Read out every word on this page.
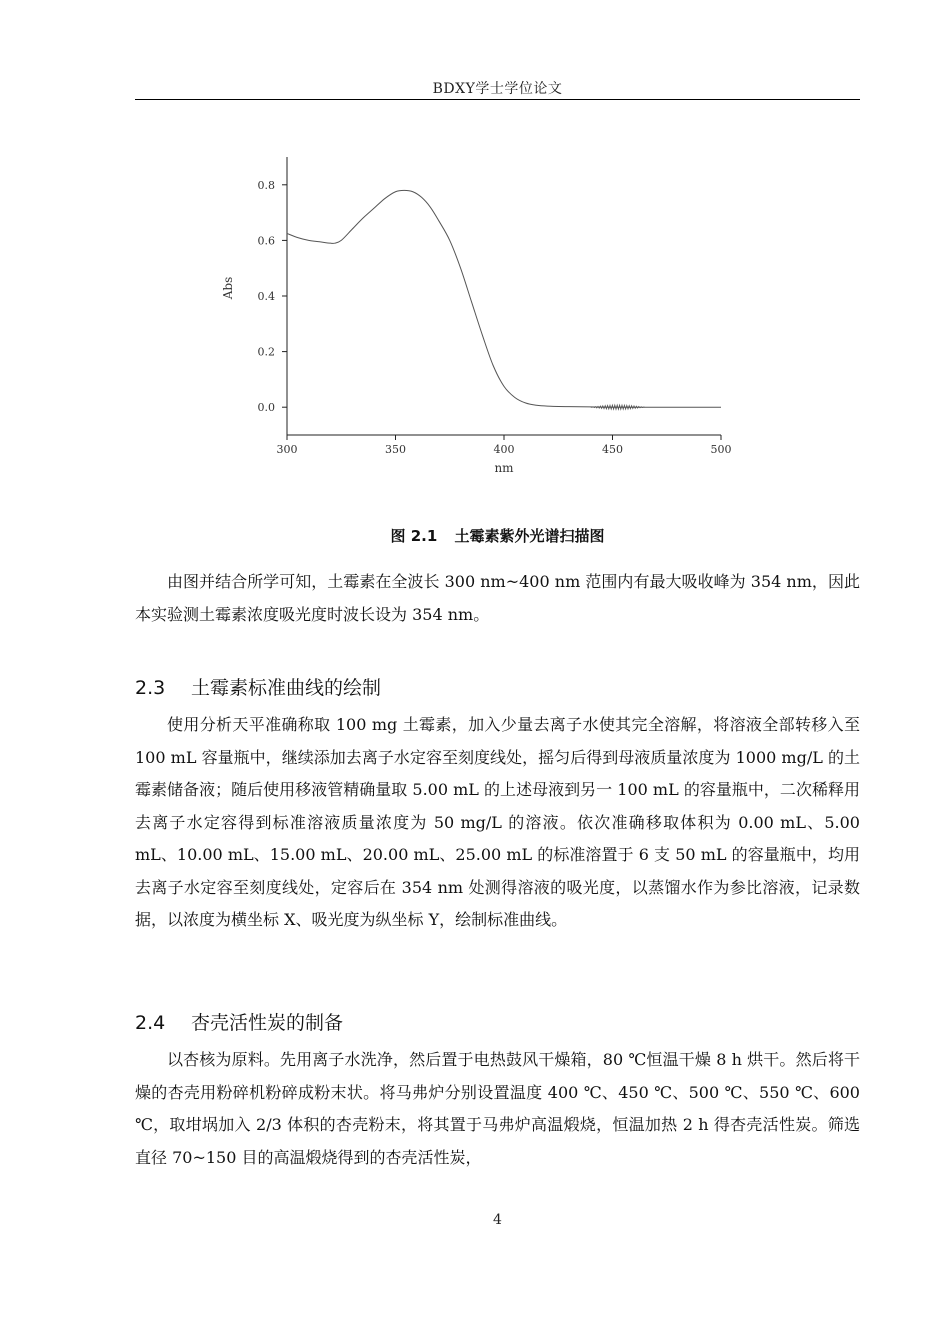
BDXY学士学位论文
0.0
0.2
0.4
0.6
0.8
300	350	400	450	500
Abs
nm
图 2.1 土霉素紫外光谱扫描图
由图并结合所学可知，土霉素在全波长 300 nm~400 nm 范围内有最大吸收峰为 354 nm，因此本实验测土霉素浓度吸光度时波长设为 354 nm。
2.3 土霉素标准曲线的绘制
使用分析天平准确称取 100 mg 土霉素，加入少量去离子水使其完全溶解，将溶液全部转移入至 100 mL 容量瓶中，继续添加去离子水定容至刻度线处，摇匀后得到母液质量浓度为 1000 mg/L 的土霉素储备液；随后使用移液管精确量取 5.00 mL 的上述母液到另一 100 mL 的容量瓶中，二次稀释用去离子水定容得到标准溶液质量浓度为 50 mg/L 的溶液。依次准确移取体积为 0.00 mL、5.00 mL、10.00 mL、15.00 mL、20.00 mL、25.00 mL 的标准溶置于 6 支 50 mL 的容量瓶中，均用去离子水定容至刻度线处，定容后在 354 nm 处测得溶液的吸光度，以蒸馏水作为参比溶液，记录数据，以浓度为横坐标 X、吸光度为纵坐标 Y，绘制标准曲线。
2.4 杏壳活性炭的制备
以杏核为原料。先用离子水洗净，然后置于电热鼓风干燥箱，80 ℃恒温干燥 8 h 烘干。然后将干燥的杏壳用粉碎机粉碎成粉末状。将马弗炉分别设置温度 400 ℃、450 ℃、500 ℃、550 ℃、600 ℃，取坩埚加入 2/3 体积的杏壳粉末，将其置于马弗炉高温煅烧，恒温加热 2 h 得杏壳活性炭。筛选直径 70~150 目的高温煅烧得到的杏壳活性炭，
4
